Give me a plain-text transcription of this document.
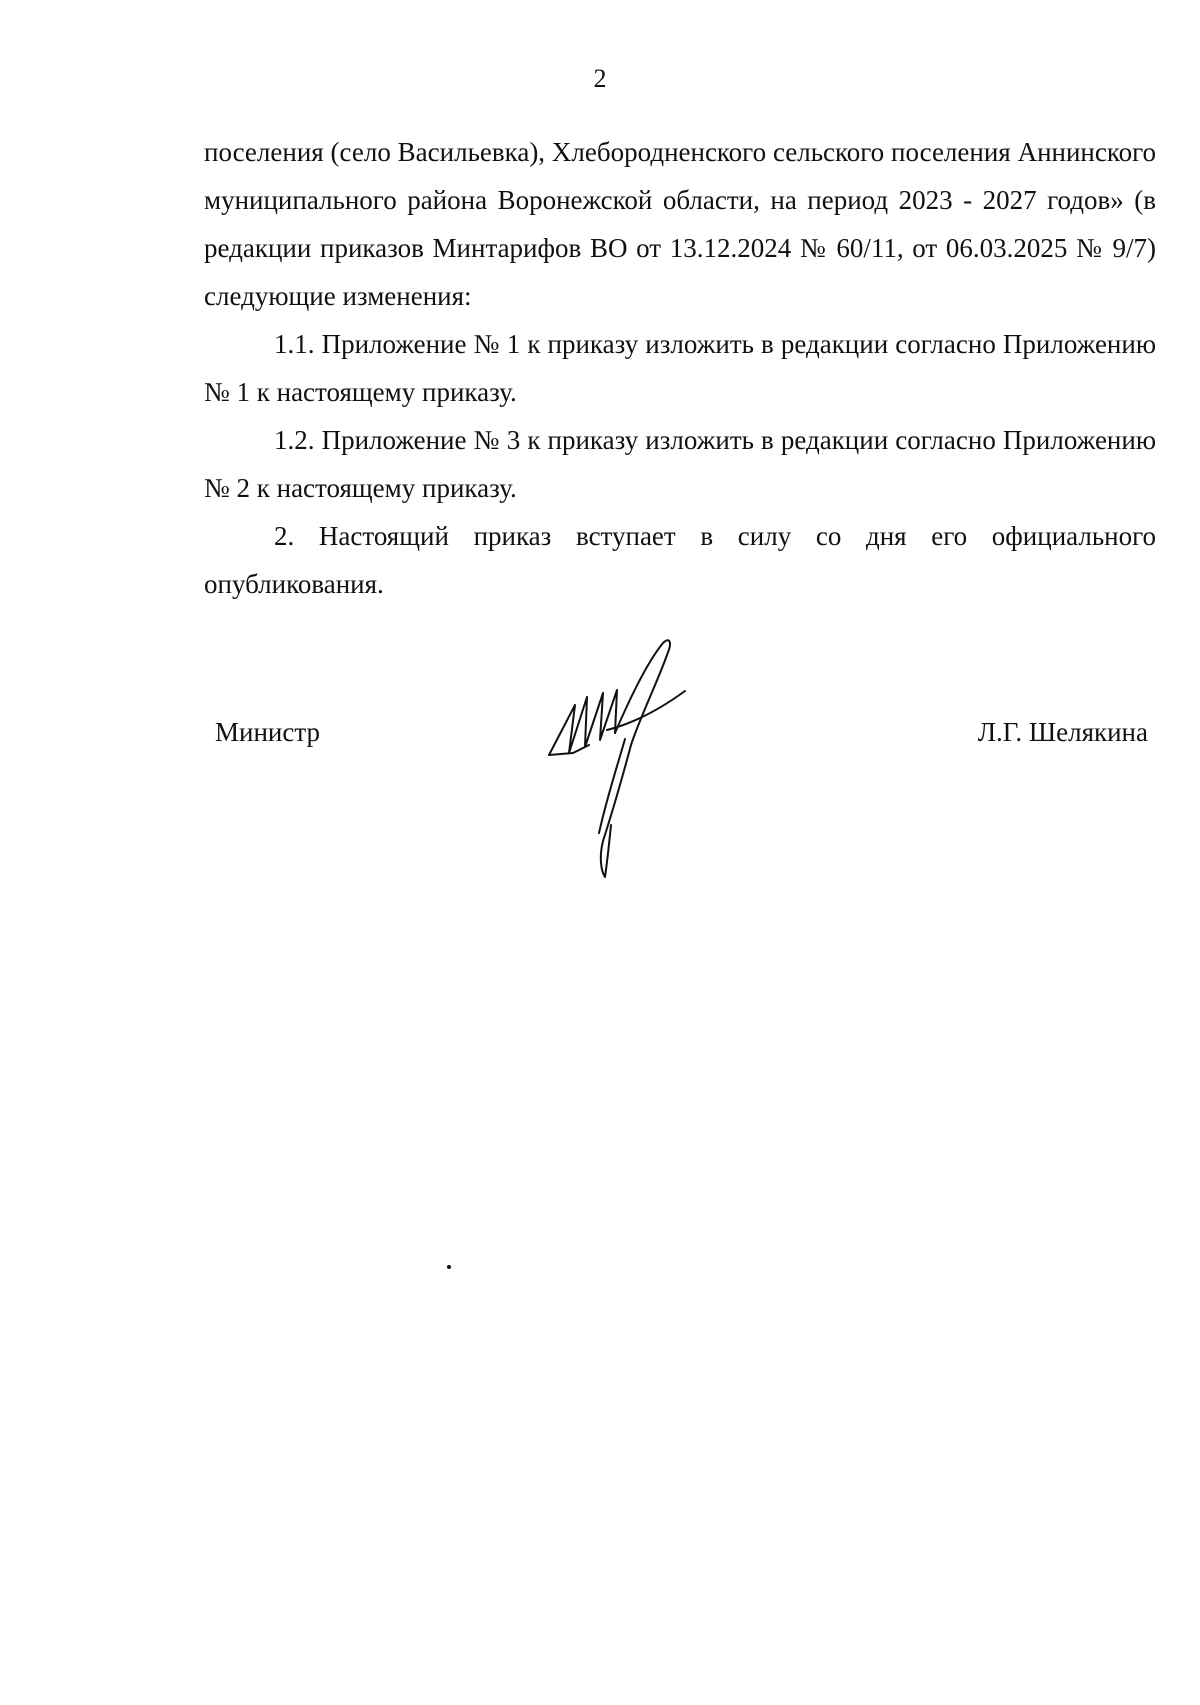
2

поселения (село Васильевка), Хлебородненского сельского поселения Аннинского муниципального района Воронежской области, на период 2023 - 2027 годов» (в редакции приказов Минтарифов ВО от 13.12.2024 № 60/11, от 06.03.2025 № 9/7) следующие изменения:

1.1. Приложение № 1 к приказу изложить в редакции согласно Приложению № 1 к настоящему приказу.

1.2. Приложение № 3 к приказу изложить в редакции согласно Приложению № 2 к настоящему приказу.

2. Настоящий приказ вступает в силу со дня его официального опубликования.

Министр	Л.Г. Шелякина
